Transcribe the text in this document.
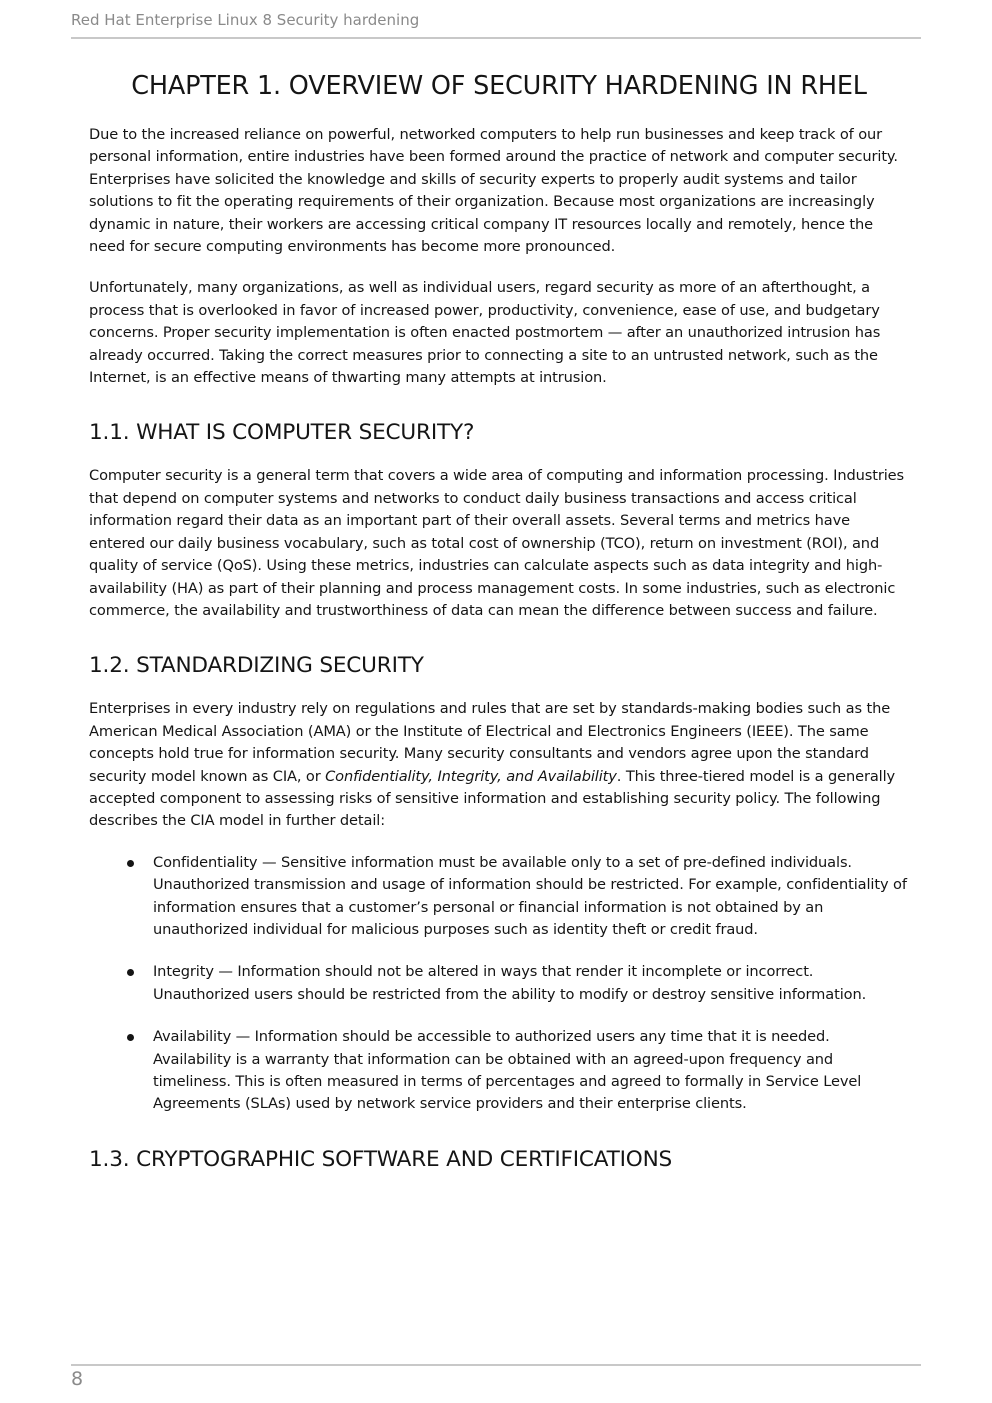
Red Hat Enterprise Linux 8 Security hardening
CHAPTER 1. OVERVIEW OF SECURITY HARDENING IN RHEL

Due to the increased reliance on powerful, networked computers to help run businesses and keep track of our personal information, entire industries have been formed around the practice of network and computer security. Enterprises have solicited the knowledge and skills of security experts to properly audit systems and tailor solutions to fit the operating requirements of their organization. Because most organizations are increasingly dynamic in nature, their workers are accessing critical company IT resources locally and remotely, hence the need for secure computing environments has become more pronounced.

Unfortunately, many organizations, as well as individual users, regard security as more of an afterthought, a process that is overlooked in favor of increased power, productivity, convenience, ease of use, and budgetary concerns. Proper security implementation is often enacted postmortem — after an unauthorized intrusion has already occurred. Taking the correct measures prior to connecting a site to an untrusted network, such as the Internet, is an effective means of thwarting many attempts at intrusion.

1.1. WHAT IS COMPUTER SECURITY?

Computer security is a general term that covers a wide area of computing and information processing. Industries that depend on computer systems and networks to conduct daily business transactions and access critical information regard their data as an important part of their overall assets. Several terms and metrics have entered our daily business vocabulary, such as total cost of ownership (TCO), return on investment (ROI), and quality of service (QoS). Using these metrics, industries can calculate aspects such as data integrity and high-availability (HA) as part of their planning and process management costs. In some industries, such as electronic commerce, the availability and trustworthiness of data can mean the difference between success and failure.

1.2. STANDARDIZING SECURITY

Enterprises in every industry rely on regulations and rules that are set by standards-making bodies such as the American Medical Association (AMA) or the Institute of Electrical and Electronics Engineers (IEEE). The same concepts hold true for information security. Many security consultants and vendors agree upon the standard security model known as CIA, or Confidentiality, Integrity, and Availability. This three-tiered model is a generally accepted component to assessing risks of sensitive information and establishing security policy. The following describes the CIA model in further detail:

Confidentiality — Sensitive information must be available only to a set of pre-defined individuals. Unauthorized transmission and usage of information should be restricted. For example, confidentiality of information ensures that a customer’s personal or financial information is not obtained by an unauthorized individual for malicious purposes such as identity theft or credit fraud.
Integrity — Information should not be altered in ways that render it incomplete or incorrect. Unauthorized users should be restricted from the ability to modify or destroy sensitive information.
Availability — Information should be accessible to authorized users any time that it is needed. Availability is a warranty that information can be obtained with an agreed-upon frequency and timeliness. This is often measured in terms of percentages and agreed to formally in Service Level Agreements (SLAs) used by network service providers and their enterprise clients.
1.3. CRYPTOGRAPHIC SOFTWARE AND CERTIFICATIONS
8
